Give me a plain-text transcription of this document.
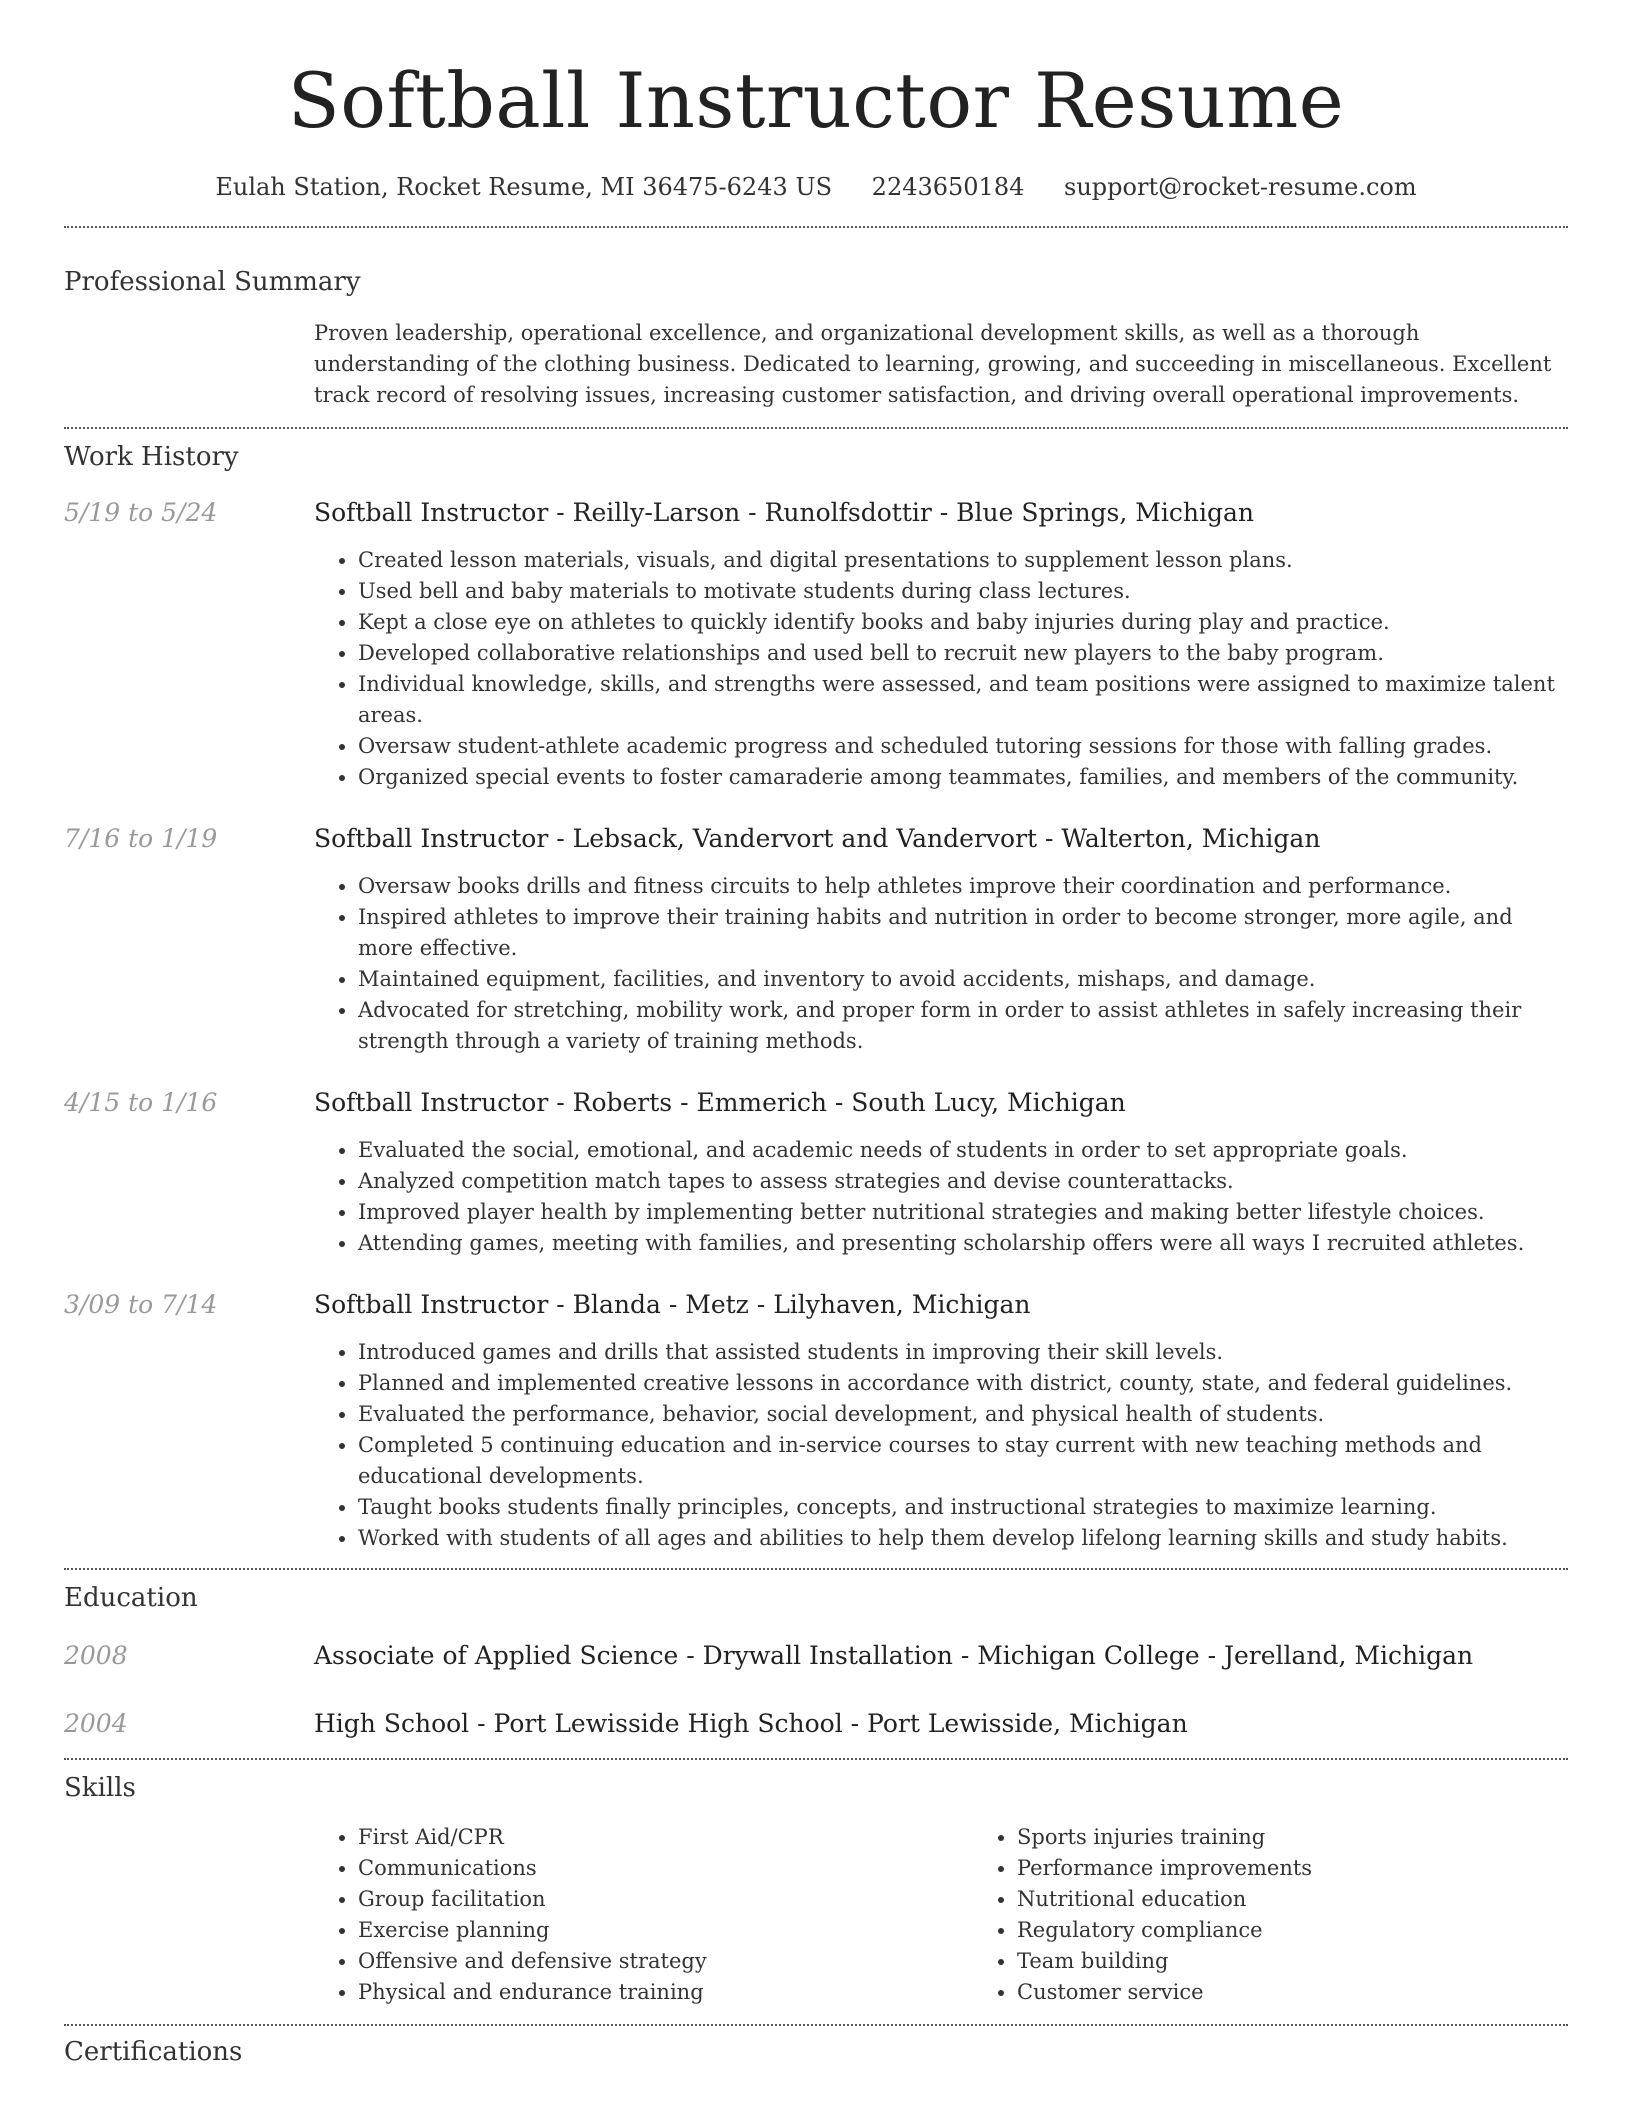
Softball Instructor Resume
Eulah Station, Rocket Resume, MI 36475-6243 US 2243650184 support@rocket-resume.com
Professional Summary
Proven leadership, operational excellence, and organizational development skills, as well as a thorough understanding of the clothing business. Dedicated to learning, growing, and succeeding in miscellaneous. Excellent track record of resolving issues, increasing customer satisfaction, and driving overall operational improvements.
Work History
5/19 to 5/24	Softball Instructor - Reilly-Larson - Runolfsdottir - Blue Springs, Michigan
• Created lesson materials, visuals, and digital presentations to supplement lesson plans.
• Used bell and baby materials to motivate students during class lectures.
• Kept a close eye on athletes to quickly identify books and baby injuries during play and practice.
• Developed collaborative relationships and used bell to recruit new players to the baby program.
• Individual knowledge, skills, and strengths were assessed, and team positions were assigned to maximize talent areas.
• Oversaw student-athlete academic progress and scheduled tutoring sessions for those with falling grades.
• Organized special events to foster camaraderie among teammates, families, and members of the community.
7/16 to 1/19	Softball Instructor - Lebsack, Vandervort and Vandervort - Walterton, Michigan
• Oversaw books drills and fitness circuits to help athletes improve their coordination and performance.
• Inspired athletes to improve their training habits and nutrition in order to become stronger, more agile, and more effective.
• Maintained equipment, facilities, and inventory to avoid accidents, mishaps, and damage.
• Advocated for stretching, mobility work, and proper form in order to assist athletes in safely increasing their strength through a variety of training methods.
4/15 to 1/16	Softball Instructor - Roberts - Emmerich - South Lucy, Michigan
• Evaluated the social, emotional, and academic needs of students in order to set appropriate goals.
• Analyzed competition match tapes to assess strategies and devise counterattacks.
• Improved player health by implementing better nutritional strategies and making better lifestyle choices.
• Attending games, meeting with families, and presenting scholarship offers were all ways I recruited athletes.
3/09 to 7/14	Softball Instructor - Blanda - Metz - Lilyhaven, Michigan
• Introduced games and drills that assisted students in improving their skill levels.
• Planned and implemented creative lessons in accordance with district, county, state, and federal guidelines.
• Evaluated the performance, behavior, social development, and physical health of students.
• Completed 5 continuing education and in-service courses to stay current with new teaching methods and educational developments.
• Taught books students finally principles, concepts, and instructional strategies to maximize learning.
• Worked with students of all ages and abilities to help them develop lifelong learning skills and study habits.
Education
2008	Associate of Applied Science - Drywall Installation - Michigan College - Jerelland, Michigan
2004	High School - Port Lewisside High School - Port Lewisside, Michigan
Skills
• First Aid/CPR
• Communications
• Group facilitation
• Exercise planning
• Offensive and defensive strategy
• Physical and endurance training
• Sports injuries training
• Performance improvements
• Nutritional education
• Regulatory compliance
• Team building
• Customer service
Certifications
